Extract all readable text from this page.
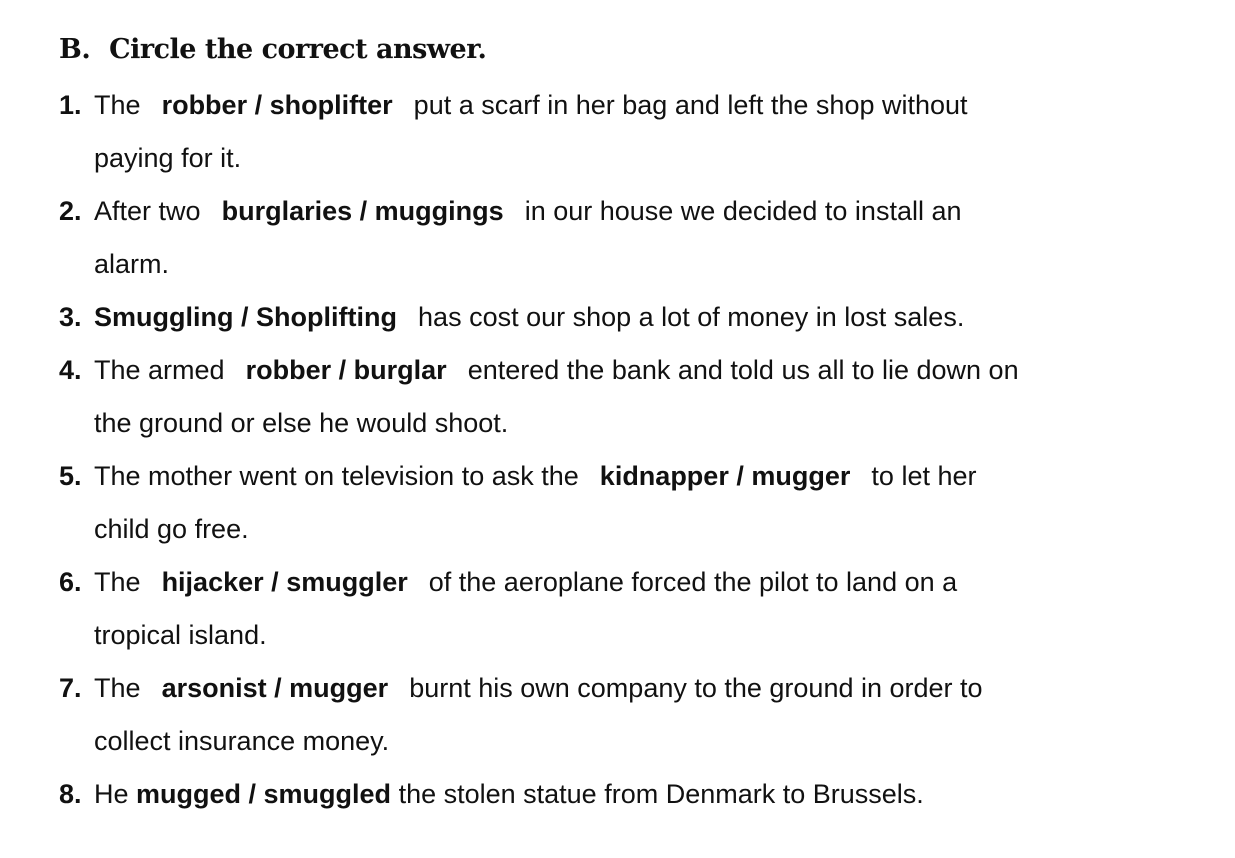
B. Circle the correct answer.
1. The robber / shoplifter put a scarf in her bag and left the shop without
paying for it.
2. After two burglaries / muggings in our house we decided to install an
alarm.
3. Smuggling / Shoplifting has cost our shop a lot of money in lost sales.
4. The armed robber / burglar entered the bank and told us all to lie down on
the ground or else he would shoot.
5. The mother went on television to ask the kidnapper / mugger to let her
child go free.
6. The hijacker / smuggler of the aeroplane forced the pilot to land on a
tropical island.
7. The arsonist / mugger burnt his own company to the ground in order to
collect insurance money.
8. He mugged / smuggled the stolen statue from Denmark to Brussels.
